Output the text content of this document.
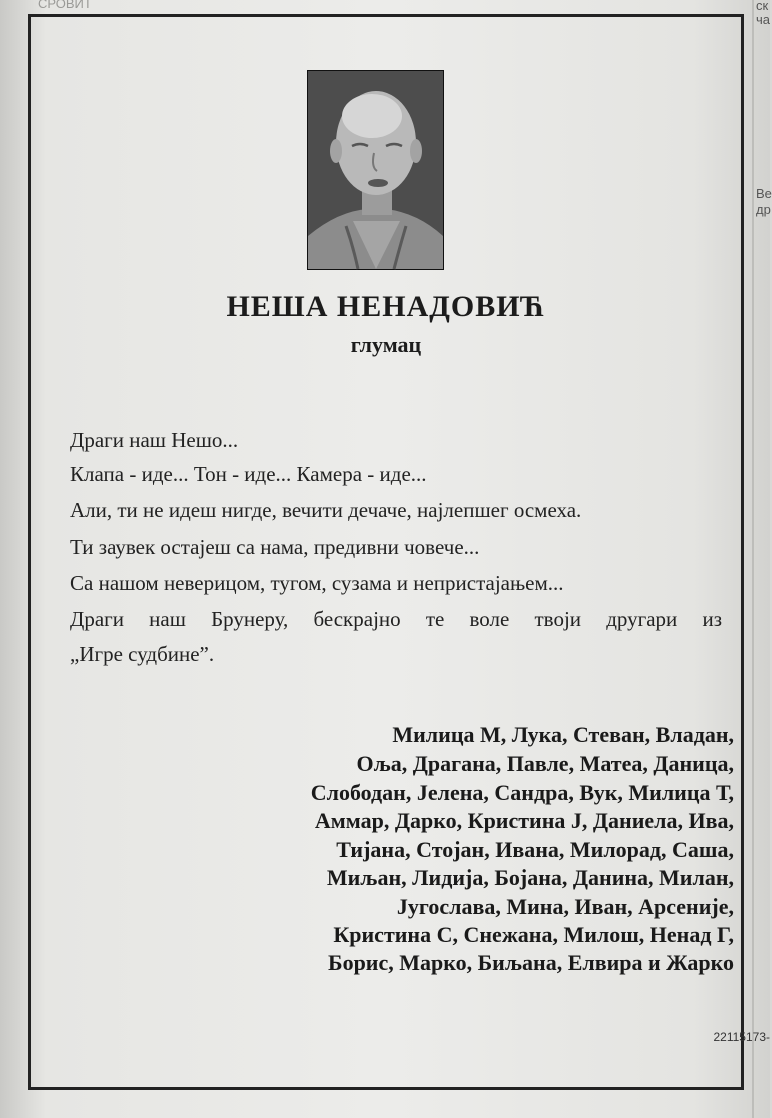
СРОВИТ	ск
ча
Ве
др
НЕША НЕНАДОВИЋ
глумац
Драги наш Нешо...
Клапа - иде... Тон - иде... Камера - иде...
Али, ти не идеш нигде, вечити дечаче, најлепшег осмеха.
Ти заувек остајеш са нама, предивни човече...
Са нашом неверицом, тугом, сузама и непристајањем...
Драги наш Брунеру, бескрајно те воле твоји другари из
„Игре судбине”.
Милица М, Лука, Стеван, Владан,
Оља, Драгана, Павле, Матеа, Даница,
Слободан, Јелена, Сандра, Вук, Милица Т,
Аммар, Дарко, Кристина Ј, Даниела, Ива,
Тијана, Стојан, Ивана, Милорад, Саша,
Миљан, Лидија, Бојана, Данина, Милан,
Југослава, Мина, Иван, Арсеније,
Кристина С, Снежана, Милош, Ненад Г,
Борис, Марко, Биљана, Елвира и Жарко
22115173-
